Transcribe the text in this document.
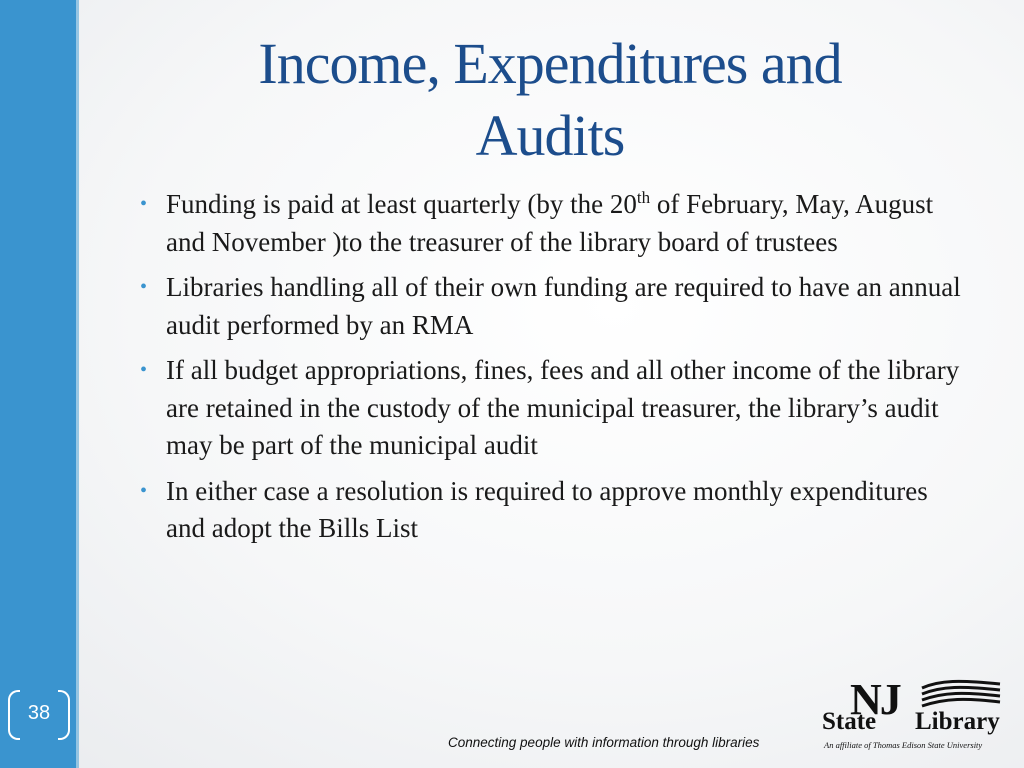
38
Income, Expenditures and
Audits
• Funding is paid at least quarterly (by the 20th of February, May, August and November )to the treasurer of the library board of trustees
• Libraries handling all of their own funding are required to have an annual audit performed by an RMA
• If all budget appropriations, fines, fees and all other income of the library are retained in the custody of the municipal treasurer, the library’s audit may be part of the municipal audit
• In either case a resolution is required to approve monthly expenditures and adopt the Bills List
Connecting people with information through libraries
NJ
State Library
An affiliate of Thomas Edison State University
